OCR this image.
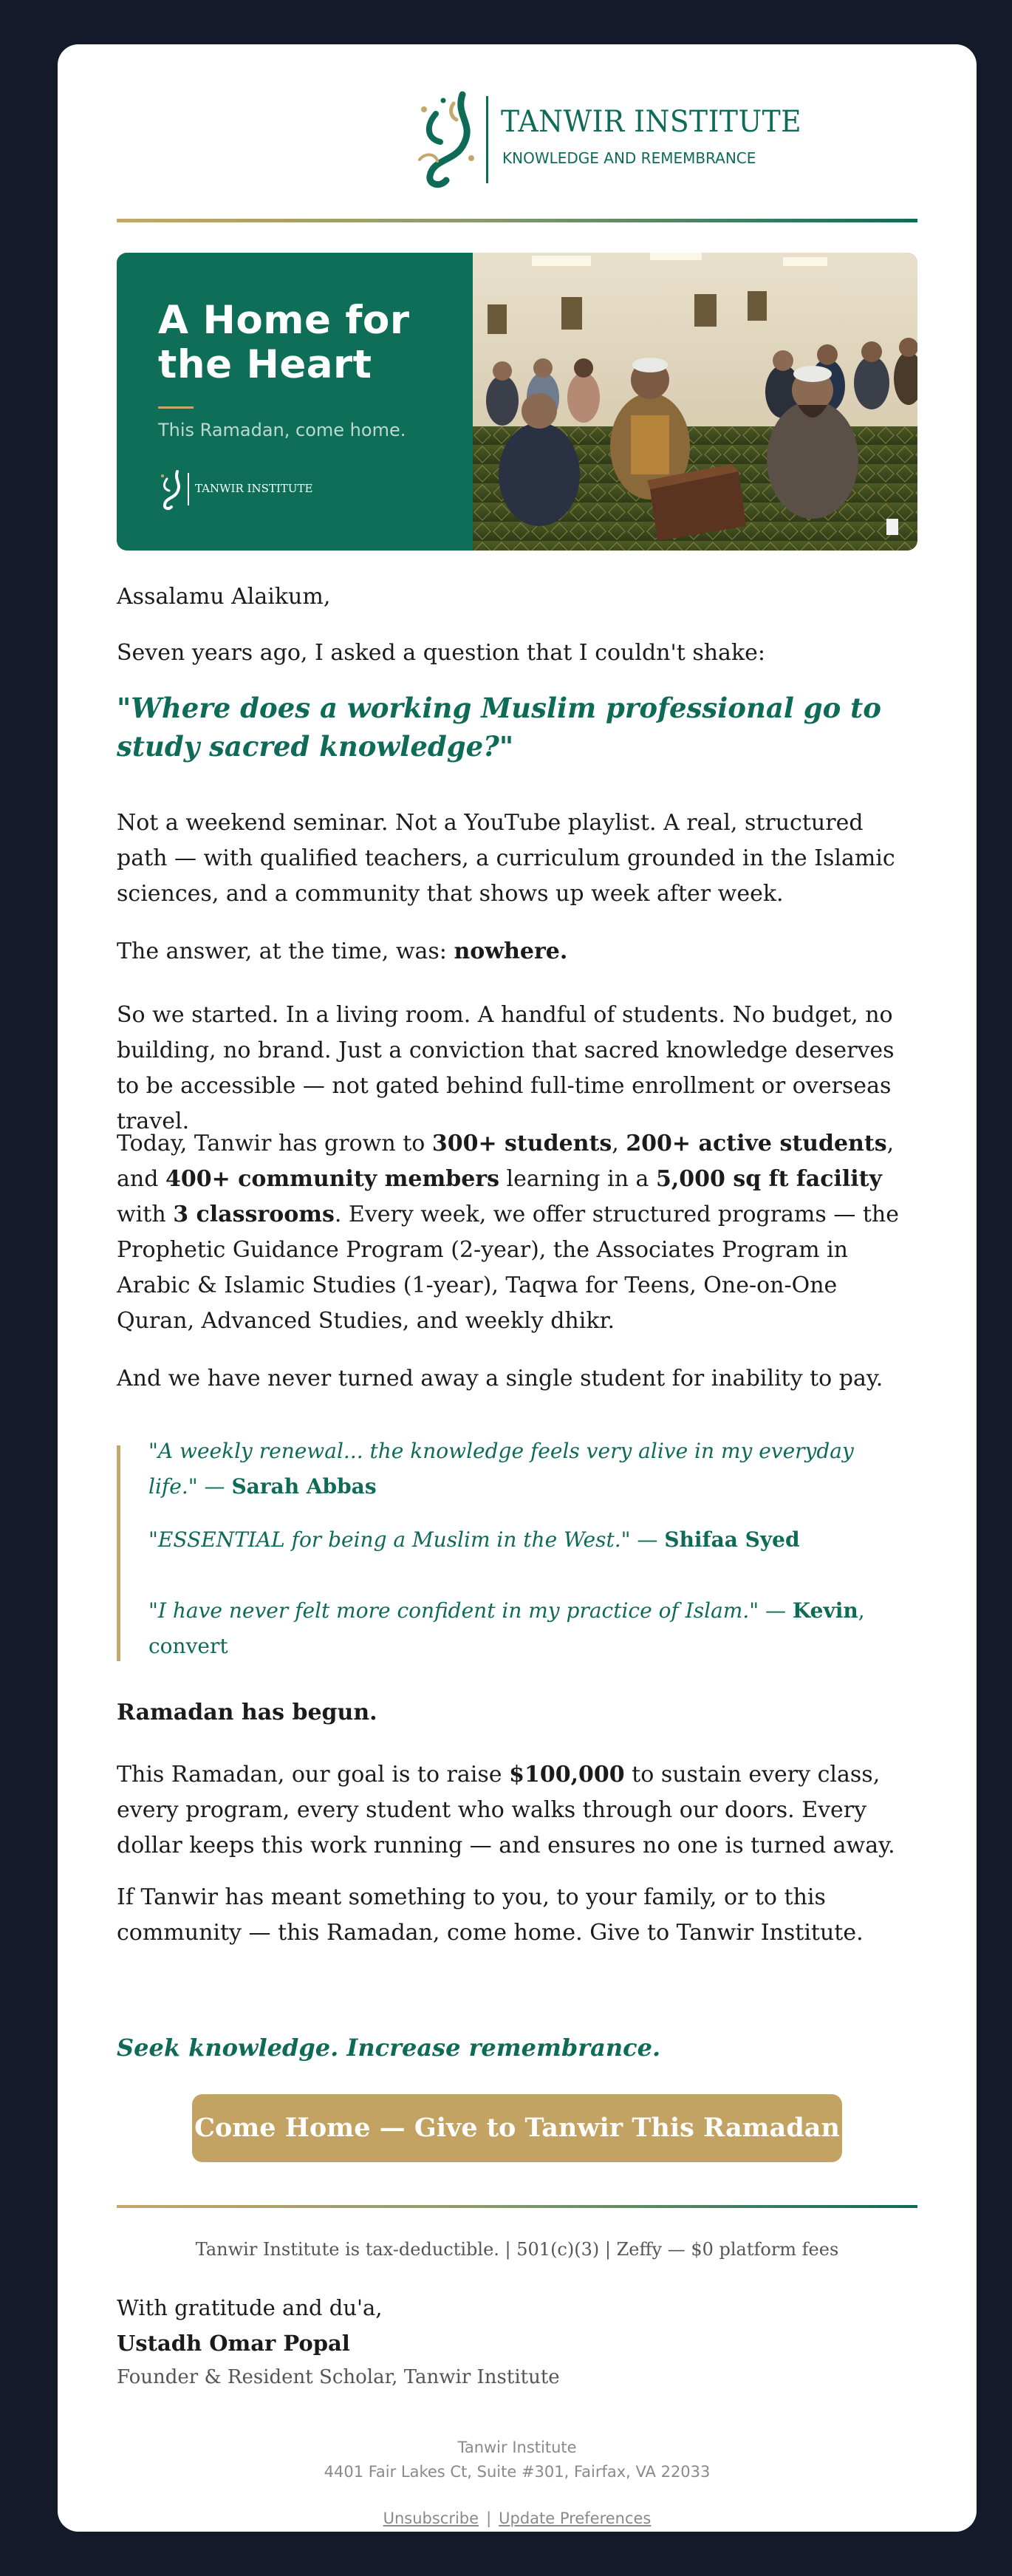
TANWIR INSTITUTE
KNOWLEDGE AND REMEMBRANCE
A Home for
the Heart
This Ramadan, come home.
TANWIR INSTITUTE
Assalamu Alaikum,
Seven years ago, I asked a question that I couldn't shake:
"Where does a working Muslim professional go to study sacred knowledge?"
Not a weekend seminar. Not a YouTube playlist. A real, structured path — with qualified teachers, a curriculum grounded in the Islamic sciences, and a community that shows up week after week.
The answer, at the time, was: nowhere.
So we started. In a living room. A handful of students. No budget, no building, no brand. Just a conviction that sacred knowledge deserves to be accessible — not gated behind full-time enrollment or overseas travel.
Today, Tanwir has grown to 300+ students, 200+ active students, and 400+ community members learning in a 5,000 sq ft facility with 3 classrooms. Every week, we offer structured programs — the Prophetic Guidance Program (2-year), the Associates Program in Arabic & Islamic Studies (1-year), Taqwa for Teens, One-on-One Quran, Advanced Studies, and weekly dhikr.
And we have never turned away a single student for inability to pay.
"A weekly renewal... the knowledge feels very alive in my everyday life." — Sarah Abbas
"ESSENTIAL for being a Muslim in the West." — Shifaa Syed
"I have never felt more confident in my practice of Islam." — Kevin, convert
Ramadan has begun.
This Ramadan, our goal is to raise $100,000 to sustain every class, every program, every student who walks through our doors. Every dollar keeps this work running — and ensures no one is turned away.
If Tanwir has meant something to you, to your family, or to this community — this Ramadan, come home. Give to Tanwir Institute.
Seek knowledge. Increase remembrance.
Come Home — Give to Tanwir This Ramadan
Tanwir Institute is tax-deductible. | 501(c)(3) | Zeffy — $0 platform fees
With gratitude and du'a,
Ustadh Omar Popal
Founder & Resident Scholar, Tanwir Institute
Tanwir Institute
4401 Fair Lakes Ct, Suite #301, Fairfax, VA 22033
Unsubscribe | Update Preferences
